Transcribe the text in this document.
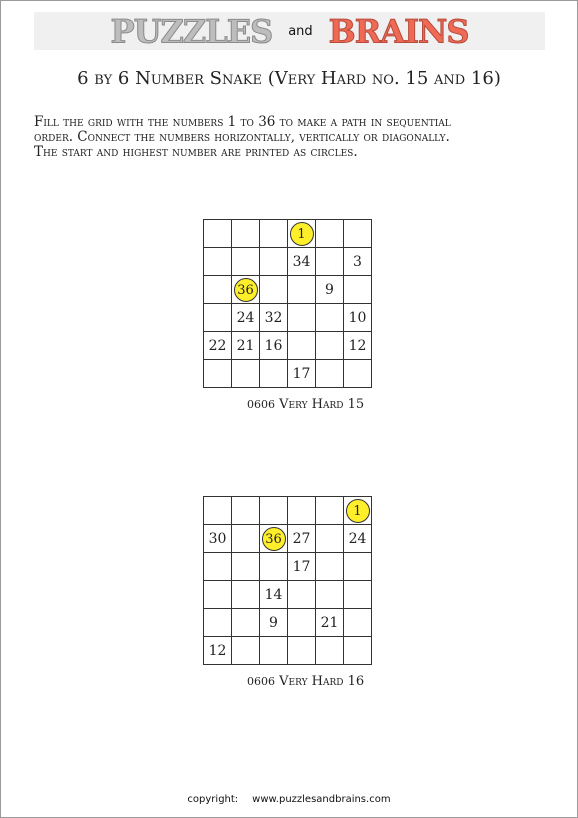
PUZZLES and BRAINS
6 by 6 Number Snake (Very Hard no. 15 and 16)
Fill the grid with the numbers 1 to 36 to make a path in sequential
order. Connect the numbers horizontally, vertically or diagonally.
The start and highest number are printed as circles.
			1		
			34		3
	36			9	
	24	32			10
22	21	16			12
			17		
0606 Very Hard 15
					1
30		36	27		24
			17		
		14			
		9		21	
12					
0606 Very Hard 16
copyright: www.puzzlesandbrains.com
